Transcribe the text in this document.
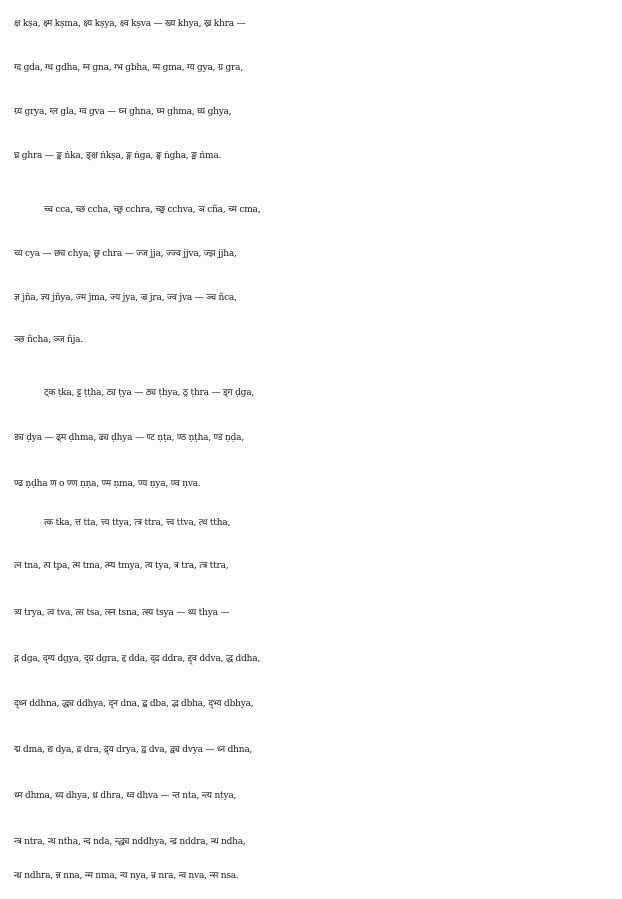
क्ष kṣa, क्ष्म kṣma, क्ष्य kṣya, क्ष्व kṣva — ख्य khya, ख्र khra —
ग्द gda, ग्ध gdha, ग्न gna, ग्भ gbha, ग्म gma, ग्य gya, ग्र gra,
ग्र्य grya, ग्ल gla, ग्व gva — घ्न ghna, घ्म ghma, घ्य ghya,
घ्र ghra — ङ्क ṅka, ङ्क्ष ṅkṣa, ङ्ग ṅga, ङ्घ ṅgha, ङ्म ṅma.
च्च cca, च्छ ccha, च्छ्र cchra, च्छ्व cchva, ञ cña, च्म cma,
च्य cya — छ्य chya, छ्र chra — ज्ज jja, ज्ज्व jjva, ज्झ jjha,
ज्ञ jña, ज्ञ्य jñya, ज्म jma, ज्य jya, ज्र jra, ज्व jva — ञ्च ñca,
ञ्छ ñcha, ञ्ज ñja.
ट्क ṭka, ट्ट ṭṭha, ट्य ṭya — ठ्य ṭhya, ठ्र ṭhra — ड्ग ḍga,
ड्य ḍya — ढ्म ḍhma, ढ्य ḍhya — ण्ट ṇṭa, ण्ठ ṇṭha, ण्ड ṇḍa,
ण्ढ ṇḍha ण o ण्ण ṇṇa, ण्म ṇma, ण्य ṇya, ण्व ṇva.
त्क tka, त्त tta, त्त्य ttya, त्त्र ttra, त्त्व ttva, त्थ ttha,
त्न tna, त्प tpa, त्म tma, त्म्य tmya, त्य tya, त्र tra, त्त्र ttra,
त्र्य trya, त्व tva, त्स tsa, त्स्न tsna, त्स्य tsya — थ्य thya —
द्ग dga, द्ग्य dgya, द्ग्र dgra, द्द dda, द्द्र ddra, द्द्व ddva, द्ध ddha,
द्ध्न ddhna, द्ध्य ddhya, द्न dna, द्ब dba, द्भ dbha, द्भ्य dbhya,
द्म dma, द्य dya, द्र dra, द्र्य drya, द्व dva, द्व्य dvya — ध्न dhna,
ध्म dhma, ध्य dhya, ध्र dhra, ध्व dhva — न्त nta, न्त्य ntya,
न्त्र ntra, न्थ ntha, न्द nda, न्द्ध्य nddhya, न्द्र nddra, न्ध ndha,
न्ध्र ndhra, न्न nna, न्म nma, न्य nya, न्र nra, न्व nva, न्स nsa.
